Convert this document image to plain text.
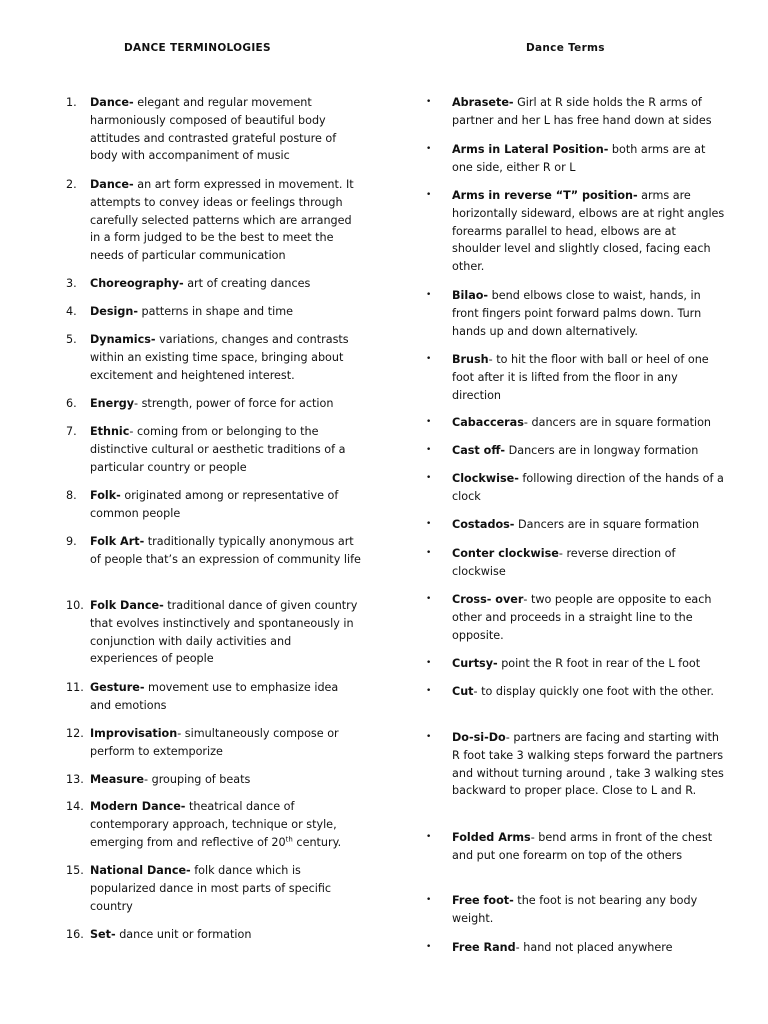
DANCE TERMINOLOGIES	Dance Terms
1.	Dance- elegant and regular movement harmoniously composed of beautiful body attitudes and contrasted grateful posture of body with accompaniment of music
2.	Dance- an art form expressed in movement. It attempts to convey ideas or feelings through carefully selected patterns which are arranged in a form judged to be the best to meet the needs of particular communication
3.	Choreography- art of creating dances
4.	Design- patterns in shape and time
5.	Dynamics- variations, changes and contrasts within an existing time space, bringing about excitement and heightened interest.
6.	Energy- strength, power of force for action
7.	Ethnic- coming from or belonging to the distinctive cultural or aesthetic traditions of a particular country or people
8.	Folk- originated among or representative of common people
9.	Folk Art- traditionally typically anonymous art of people that’s an expression of community life
10. Folk Dance- traditional dance of given country that evolves instinctively and spontaneously in conjunction with daily activities and experiences of people
11. Gesture- movement use to emphasize idea and emotions
12. Improvisation- simultaneously compose or perform to extemporize
13. Measure- grouping of beats
14. Modern Dance- theatrical dance of contemporary approach, technique or style, emerging from and reflective of 20th century.
15. National Dance- folk dance which is popularized dance in most parts of specific country
16. Set- dance unit or formation
• Abrasete- Girl at R side holds the R arms of partner and her L has free hand down at sides
• Arms in Lateral Position- both arms are at one side, either R or L
• Arms in reverse “T” position- arms are horizontally sideward, elbows are at right angles forearms parallel to head, elbows are at shoulder level and slightly closed, facing each other.
• Bilao- bend elbows close to waist, hands, in front fingers point forward palms down. Turn hands up and down alternatively.
• Brush- to hit the floor with ball or heel of one foot after it is lifted from the floor in any direction
• Cabacceras- dancers are in square formation
• Cast off- Dancers are in longway formation
• Clockwise- following direction of the hands of a clock
• Costados- Dancers are in square formation
• Conter clockwise- reverse direction of clockwise
• Cross- over- two people are opposite to each other and proceeds in a straight line to the opposite.
• Curtsy- point the R foot in rear of the L foot
• Cut- to display quickly one foot with the other.
• Do-si-Do- partners are facing and starting with R foot take 3 walking steps forward the partners and without turning around , take 3 walking stes backward to proper place. Close to L and R.
• Folded Arms- bend arms in front of the chest and put one forearm on top of the others
• Free foot- the foot is not bearing any body weight.
• Free Rand- hand not placed anywhere
